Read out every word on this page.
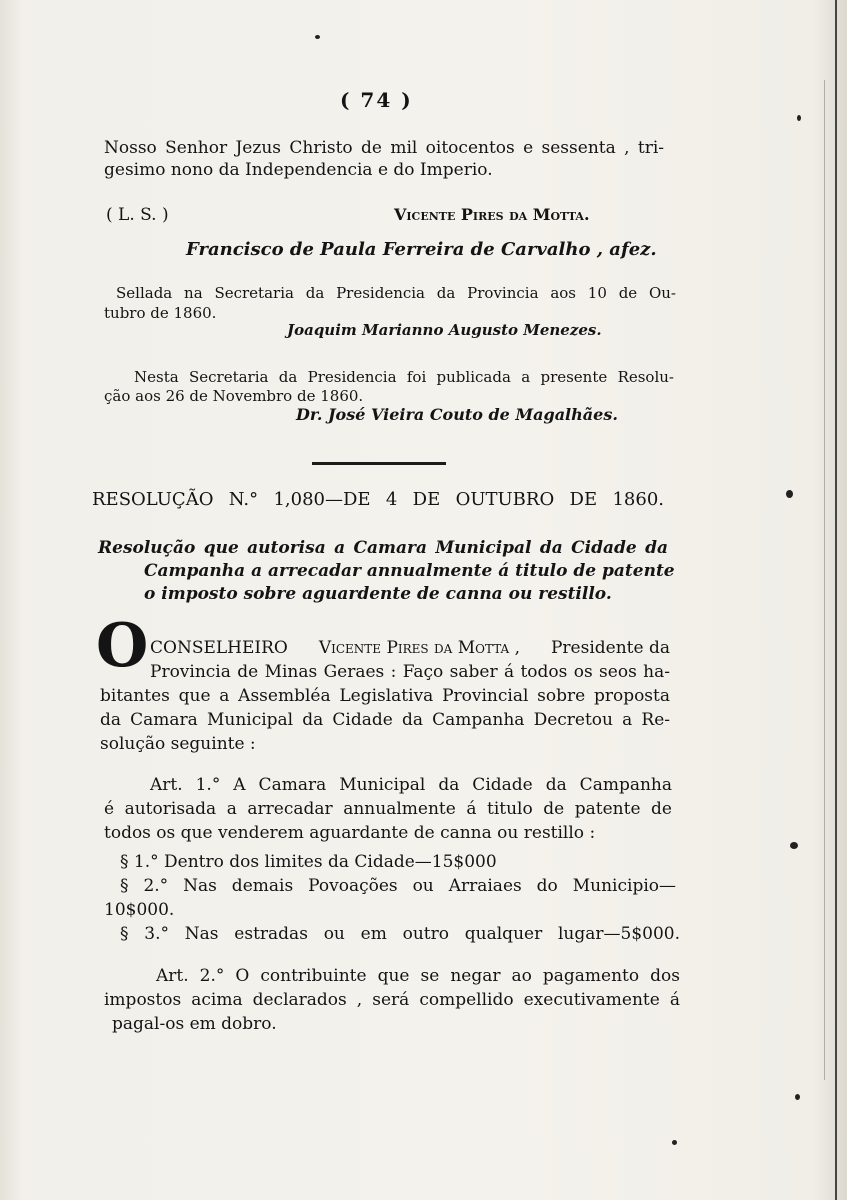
( 74 )
Nosso Senhor Jezus Christo de mil oitocentos e sessenta , tri-
gesimo nono da Independencia e do Imperio.
( L. S. )	Vicente Pires da Motta.
Francisco de Paula Ferreira de Carvalho , afez.
Sellada na Secretaria da Presidencia da Provincia aos 10 de Ou-
tubro de 1860.
Joaquim Marianno Augusto Menezes.
Nesta Secretaria da Presidencia foi publicada a presente Resolu-
ção aos 26 de Novembro de 1860.
Dr. José Vieira Couto de Magalhães.
RESOLUÇÃO N.° 1,080—DE 4 DE OUTUBRO DE 1860.
Resolução que autorisa a Camara Municipal da Cidade da
Campanha a arrecadar annualmente á titulo de patente
o imposto sobre aguardente de canna ou restillo.
O CONSELHEIRO Vicente Pires da Motta , Presidente da
Provincia de Minas Geraes : Faço saber á todos os seos ha-
bitantes que a Assembléa Legislativa Provincial sobre proposta
da Camara Municipal da Cidade da Campanha Decretou a Re-
solução seguinte :
Art. 1.° A Camara Municipal da Cidade da Campanha
é autorisada a arrecadar annualmente á titulo de patente de
todos os que venderem aguardante de canna ou restillo :
§ 1.° Dentro dos limites da Cidade—15$000
§ 2.° Nas demais Povoações ou Arraiaes do Municipio—
10$000.
§ 3.° Nas estradas ou em outro qualquer lugar—5$000.
Art. 2.° O contribuinte que se negar ao pagamento dos
impostos acima declarados , será compellido executivamente á
pagal-os em dobro.
